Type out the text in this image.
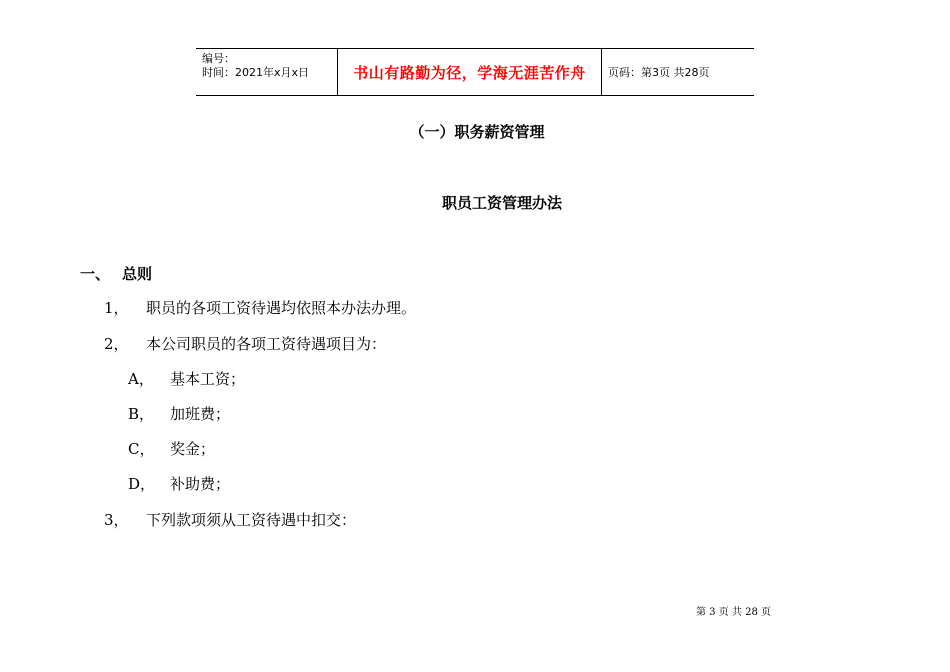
编号：
时间：2021年x月x日	书山有路勤为径，学海无涯苦作舟 页码：第3页 共28页
（一）职务薪资管理
职员工资管理办法
一、 总则
1， 职员的各项工资待遇均依照本办法办理。
2， 本公司职员的各项工资待遇项目为：
A， 基本工资；
B， 加班费；
C， 奖金；
D， 补助费；
3， 下列款项须从工资待遇中扣交：
第 3 页 共 28 页
